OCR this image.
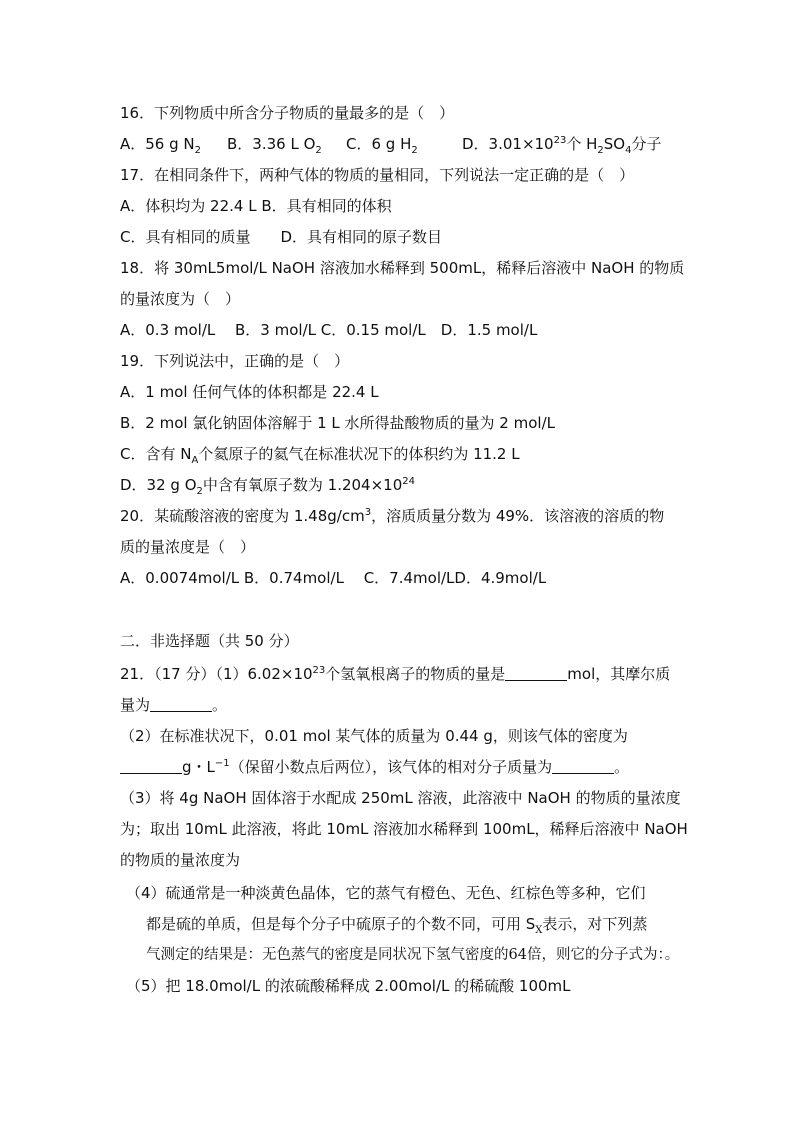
16．下列物质中所含分子物质的量最多的是（　）
A．56 g $N_2$ B．3.36 L $O_2$ C．6 g $H_2$	D．$3.01\times 10^{23}$个 $H_2SO_4$分子
17．在相同条件下，两种气体的物质的量相同，下列说法一定正确的是（　）
A．体积均为 22.4 L B．具有相同的体积
C．具有相同的质量　　D．具有相同的原子数目
18．将 30mL5mol/L NaOH 溶液加水稀释到 500mL，稀释后溶液中 NaOH 的物质
的量浓度为（　）
A．0.3 mol/L　 B．3 mol/L C．0.15 mol/L　D．1.5 mol/L
19．下列说法中，正确的是（　）
A．1 mol 任何气体的体积都是 22.4 L
B．2 mol 氯化钠固体溶解于 1 L 水所得盐酸物质的量为 2 mol/L
C．含有 $N_A$个氦原子的氦气在标准状况下的体积约为 11.2 L
D．32 g $O_2$中含有氧原子数为 $1.204\times 10^{24}$
20．某硫酸溶液的密度为 $1.48g/cm^3$，溶质质量分数为 49%．该溶液的溶质的物
质的量浓度是（　）
A．0.0074mol/L B．0.74mol/L　 C．7.4mol/LD．4.9mol/L
二．非选择题（共 50 分）
21．（17 分）$(1)6.02\times 10^{23}$个氢氧根离子的物质的量是	mol，其摩尔质
量为	。
（2）在标准状况下，0.01 mol 某气体的质量为 0.44 g，则该气体的密度为
g・$L^{-1}$（保留小数点后两位），该气体的相对分子质量为	。
（3）将 4g NaOH 固体溶于水配成 250mL 溶液，此溶液中 NaOH 的物质的量浓度
为；取出 10mL 此溶液，将此 10mL 溶液加水稀释到 100mL，稀释后溶液中 NaOH
的物质的量浓度为
（4）硫通常是一种淡黄色晶体，它的蒸气有橙色、无色、红棕色等多种，它们
都是硫的单质，但是每个分子中硫原子的个数不同，可用 $S_X$表示，对下列蒸
气测定的结果是：无色蒸气的密度是同状况下氢气密度的64倍，则它的分子式为：。
（5）把 18.0mol/L 的浓硫酸稀释成 2.00mol/L 的稀硫酸 100mL
